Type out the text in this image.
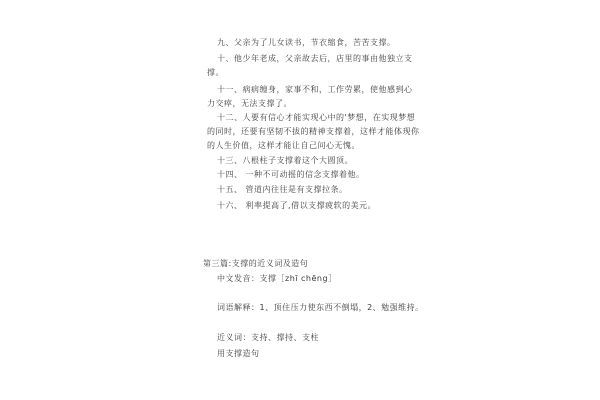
九、父亲为了儿女读书，节衣缩食，苦苦支撑。
十、他少年老成，父亲故去后，店里的事由他独立支
撑。
十一、病病缠身，家事不和，工作劳累，使他感到心
力交瘁，无法支撑了。
十二、人要有信心才能实现心中的'梦想，在实现梦想
的同时，还要有坚韧不拔的精神支撑着，这样才能体现你
的人生价值，这样才能让自己问心无愧。
十三、八根柱子支撑着这个大圆顶。
十四、 一种不可动摇的信念支撑着他。
十五、 管道内往往是有支撑拉条。
十六、 利率提高了,借以支撑疲软的美元。
第三篇:支撑的近义词及造句
中文发音：支撑［zhī chēng］
词语解释：1、顶住压力使东西不倒塌，2、勉强维持。
近义词：支持、撑持、支柱
用支撑造句
